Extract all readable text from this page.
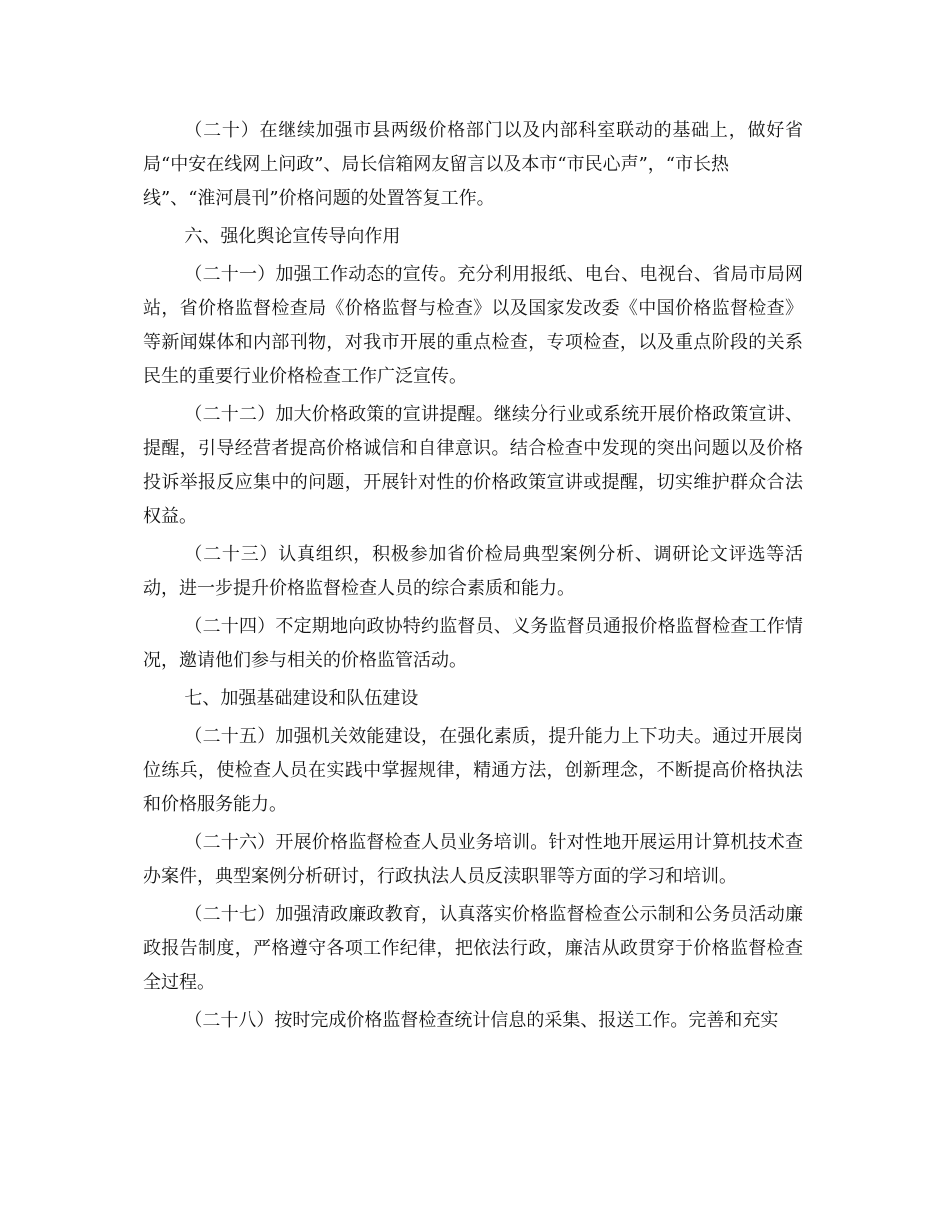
（二十）在继续加强市县两级价格部门以及内部科室联动的基础上，做好省局“中安在线网上问政”、局长信箱网友留言以及本市“市民心声”，“市长热
线”、“淮河晨刊”价格问题的处置答复工作。

六、强化舆论宣传导向作用

（二十一）加强工作动态的宣传。充分利用报纸、电台、电视台、省局市局网站，省价格监督检查局《价格监督与检查》以及国家发改委《中国价格监督检查》等新闻媒体和内部刊物，对我市开展的重点检查，专项检查，以及重点阶段的关系民生的重要行业价格检查工作广泛宣传。

（二十二）加大价格政策的宣讲提醒。继续分行业或系统开展价格政策宣讲、提醒，引导经营者提高价格诚信和自律意识。结合检查中发现的突出问题以及价格投诉举报反应集中的问题，开展针对性的价格政策宣讲或提醒，切实维护群众合法权益。

（二十三）认真组织，积极参加省价检局典型案例分析、调研论文评选等活动，进一步提升价格监督检查人员的综合素质和能力。

（二十四）不定期地向政协特约监督员、义务监督员通报价格监督检查工作情况，邀请他们参与相关的价格监管活动。

七、加强基础建设和队伍建设

（二十五）加强机关效能建设，在强化素质，提升能力上下功夫。通过开展岗位练兵，使检查人员在实践中掌握规律，精通方法，创新理念，不断提高价格执法和价格服务能力。

（二十六）开展价格监督检查人员业务培训。针对性地开展运用计算机技术查办案件，典型案例分析研讨，行政执法人员反渎职罪等方面的学习和培训。

（二十七）加强清政廉政教育，认真落实价格监督检查公示制和公务员活动廉政报告制度，严格遵守各项工作纪律，把依法行政，廉洁从政贯穿于价格监督检查全过程。

（二十八）按时完成价格监督检查统计信息的采集、报送工作。完善和充实
